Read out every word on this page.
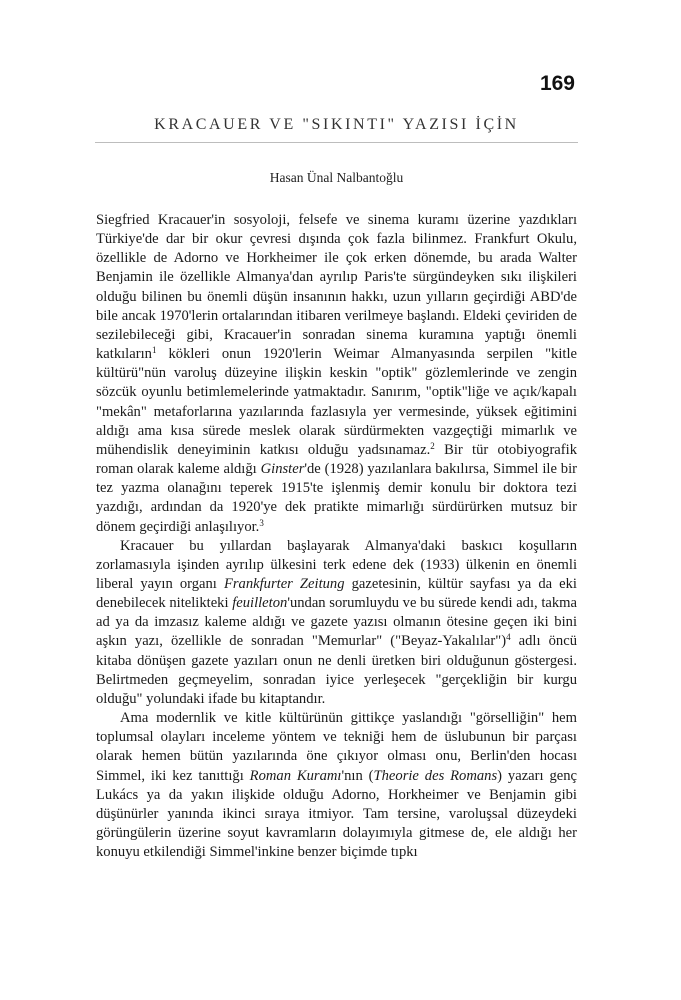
169
KRACAUER VE "SIKINTI" YAZISI İÇİN
Hasan Ünal Nalbantoğlu

Siegfried Kracauer'in sosyoloji, felsefe ve sinema kuramı üzerine yazdıkları Türkiye'de dar bir okur çevresi dışında çok fazla bilinmez. Frankfurt Okulu, özellikle de Adorno ve Horkheimer ile çok erken dönemde, bu arada Walter Benjamin ile özellikle Almanya'dan ayrılıp Paris'te sürgündeyken sıkı ilişkileri olduğu bilinen bu önemli düşün insanının hakkı, uzun yılların geçirdiği ABD'de bile ancak 1970'lerin ortalarından itibaren verilmeye başlandı. Eldeki çeviriden de sezilebileceği gibi, Kracauer'in sonradan sinema kuramına yaptığı önemli katkıların$^1$ kökleri onun 1920'lerin Weimar Almanyasında serpilen "kitle kültürü"nün varoluş düzeyine ilişkin keskin "optik" gözlemlerinde ve zengin sözcük oyunlu betimlemelerinde yatmaktadır. Sanırım, "optik"liğe ve açık/kapalı "mekân" metaforlarına yazılarında fazlasıyla yer vermesinde, yüksek eğitimini aldığı ama kısa sürede meslek olarak sürdürmekten vazgeçtiği mimarlık ve mühendislik deneyiminin katkısı olduğu yadsınamaz.$^2$ Bir tür otobiyografik roman olarak kaleme aldığı Ginster'de (1928) yazılanlara bakılırsa, Simmel ile bir tez yazma olanağını teperek 1915'te işlenmiş demir konulu bir doktora tezi yazdığı, ardından da 1920'ye dek pratikte mimarlığı sürdürürken mutsuz bir dönem geçirdiği anlaşılıyor.$^3$

Kracauer bu yıllardan başlayarak Almanya'daki baskıcı koşulların zorlamasıyla işinden ayrılıp ülkesini terk edene dek (1933) ülkenin en önemli liberal yayın organı Frankfurter Zeitung gazetesinin, kültür sayfası ya da eki denebilecek nitelikteki feuilleton'undan sorumluydu ve bu sürede kendi adı, takma ad ya da imzasız kaleme aldığı ve gazete yazısı olmanın ötesine geçen iki bini aşkın yazı, özellikle de sonradan "Memurlar" ("Beyaz-Yakalılar")$^4$ adlı öncü kitaba dönüşen gazete yazıları onun ne denli üretken biri olduğunun göstergesi. Belirtmeden geçmeyelim, sonradan iyice yerleşecek "gerçekliğin bir kurgu olduğu" yolundaki ifade bu kitaptandır.

Ama modernlik ve kitle kültürünün gittikçe yaslandığı "görselliğin" hem toplumsal olayları inceleme yöntem ve tekniği hem de üslubunun bir parçası olarak hemen bütün yazılarında öne çıkıyor olması onu, Berlin'den hocası Simmel, iki kez tanıttığı Roman Kuramı'nın (Theorie des Romans) yazarı genç Lukács ya da yakın ilişkide olduğu Adorno, Horkheimer ve Benjamin gibi düşünürler yanında ikinci sıraya itmiyor. Tam tersine, varoluşsal düzeydeki görüngülerin üzerine soyut kavramların dolayımıyla gitmese de, ele aldığı her konuyu etkilendiği Simmel'inkine benzer biçimde tıpkı
